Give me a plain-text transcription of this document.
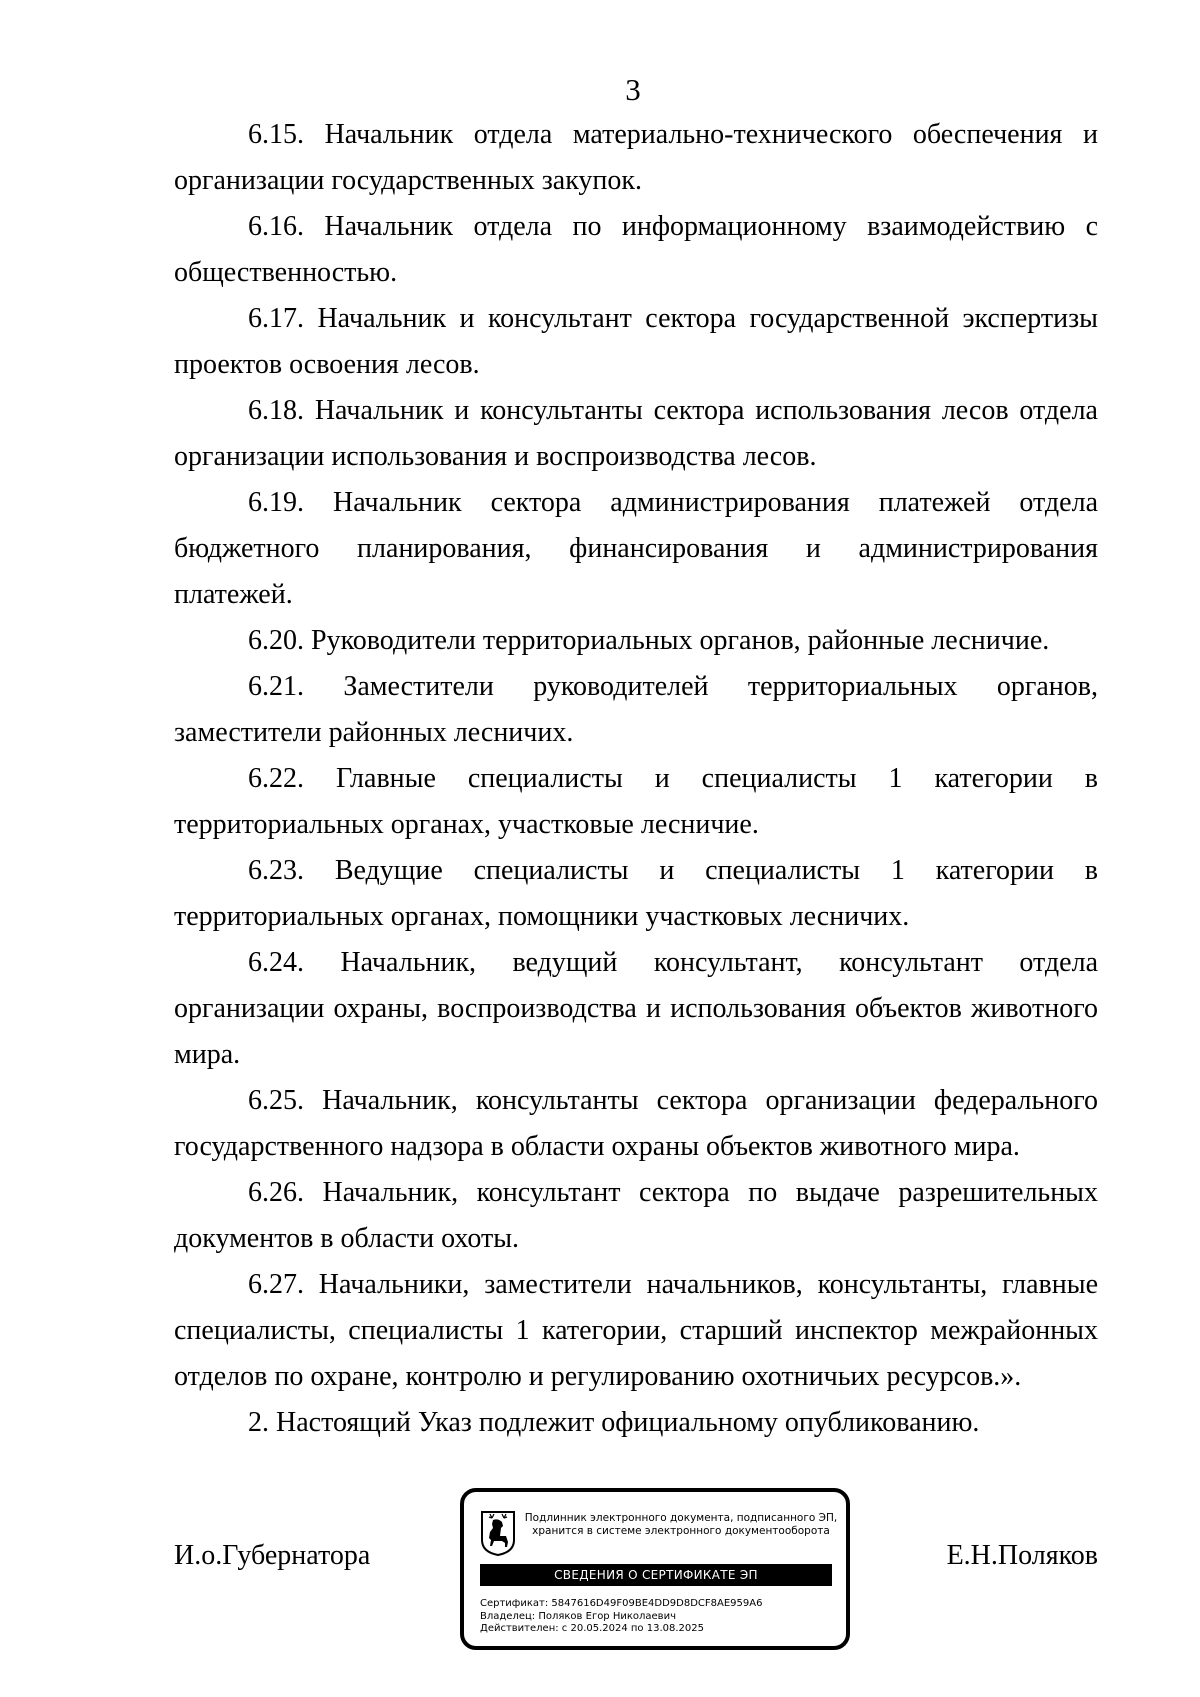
3

6.15. Начальник отдела материально-технического обеспечения и организации государственных закупок.

6.16. Начальник отдела по информационному взаимодействию с общественностью.

6.17. Начальник и консультант сектора государственной экспертизы проектов освоения лесов.

6.18. Начальник и консультанты сектора использования лесов отдела организации использования и воспроизводства лесов.

6.19. Начальник сектора администрирования платежей отдела бюджетного планирования, финансирования и администрирования платежей.

6.20. Руководители территориальных органов, районные лесничие.

6.21. Заместители руководителей территориальных органов, заместители районных лесничих.

6.22. Главные специалисты и специалисты 1 категории в территориальных органах, участковые лесничие.

6.23. Ведущие специалисты и специалисты 1 категории в территориальных органах, помощники участковых лесничих.

6.24. Начальник, ведущий консультант, консультант отдела организации охраны, воспроизводства и использования объектов животного мира.

6.25. Начальник, консультанты сектора организации федерального государственного надзора в области охраны объектов животного мира.

6.26. Начальник, консультант сектора по выдаче разрешительных документов в области охоты.

6.27. Начальники, заместители начальников, консультанты, главные специалисты, специалисты 1 категории, старший инспектор межрайонных отделов по охране, контролю и регулированию охотничьих ресурсов.».

2. Настоящий Указ подлежит официальному опубликованию.

И.о.Губернатора	Е.Н.Поляков
Подлинник электронного документа, подписанного ЭП,
хранится в системе электронного документооборота
СВЕДЕНИЯ О СЕРТИФИКАТЕ ЭП
Сертификат: 5847616D49F09BE4DD9D8DCF8AE959A6
Владелец: Поляков Егор Николаевич
Действителен: с 20.05.2024 по 13.08.2025
